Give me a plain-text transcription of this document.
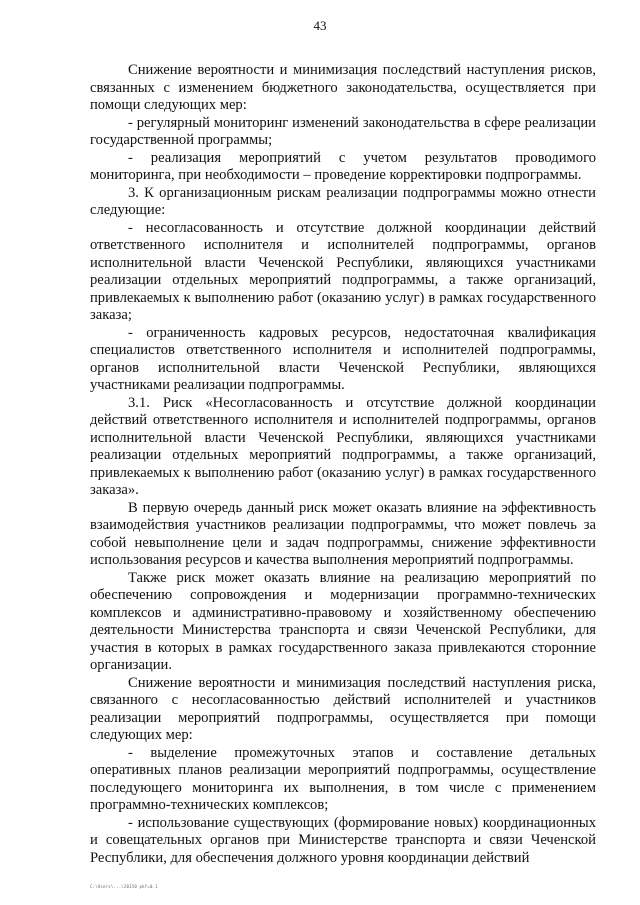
43

Снижение вероятности и минимизация последствий наступления рисков, связанных с изменением бюджетного законодательства, осуществляется при помощи следующих мер:

- регулярный мониторинг изменений законодательства в сфере реализации государственной программы;

- реализация мероприятий с учетом результатов проводимого мониторинга, при необходимости – проведение корректировки подпрограммы.

3. К организационным рискам реализации подпрограммы можно отнести следующие:

- несогласованность и отсутствие должной координации действий ответственного исполнителя и исполнителей подпрограммы, органов исполнительной власти Чеченской Республики, являющихся участниками реализации отдельных мероприятий подпрограммы, а также организаций, привлекаемых к выполнению работ (оказанию услуг) в рамках государственного заказа;

- ограниченность кадровых ресурсов, недостаточная квалификация специалистов ответственного исполнителя и исполнителей подпрограммы, органов исполнительной власти Чеченской Республики, являющихся участниками реализации подпрограммы.

3.1. Риск «Несогласованность и отсутствие должной координации действий ответственного исполнителя и исполнителей подпрограммы, органов исполнительной власти Чеченской Республики, являющихся участниками реализации отдельных мероприятий подпрограммы, а также организаций, привлекаемых к выполнению работ (оказанию услуг) в рамках государственного заказа».

В первую очередь данный риск может оказать влияние на эффективность взаимодействия участников реализации подпрограммы, что может повлечь за собой невыполнение цели и задач подпрограммы, снижение эффективности использования ресурсов и качества выполнения мероприятий подпрограммы.

Также риск может оказать влияние на реализацию мероприятий по обеспечению сопровождения и модернизации программно-технических комплексов и административно-правовому и хозяйственному обеспечению деятельности Министерства транспорта и связи Чеченской Республики, для участия в которых в рамках государственного заказа привлекаются сторонние организации.

Снижение вероятности и минимизация последствий наступления риска, связанного с несогласованностью действий исполнителей и участников реализации мероприятий подпрограммы, осуществляется при помощи следующих мер:

- выделение промежуточных этапов и составление детальных оперативных планов реализации мероприятий подпрограммы, осуществление последующего мониторинга их выполнения, в том числе с применением программно-технических комплексов;

- использование существующих (формирование новых) координационных и совещательных органов при Министерстве транспорта и связи Чеченской Республики, для обеспечения должного уровня координации действий

С:\Users\...\20150 pkf=0.1
